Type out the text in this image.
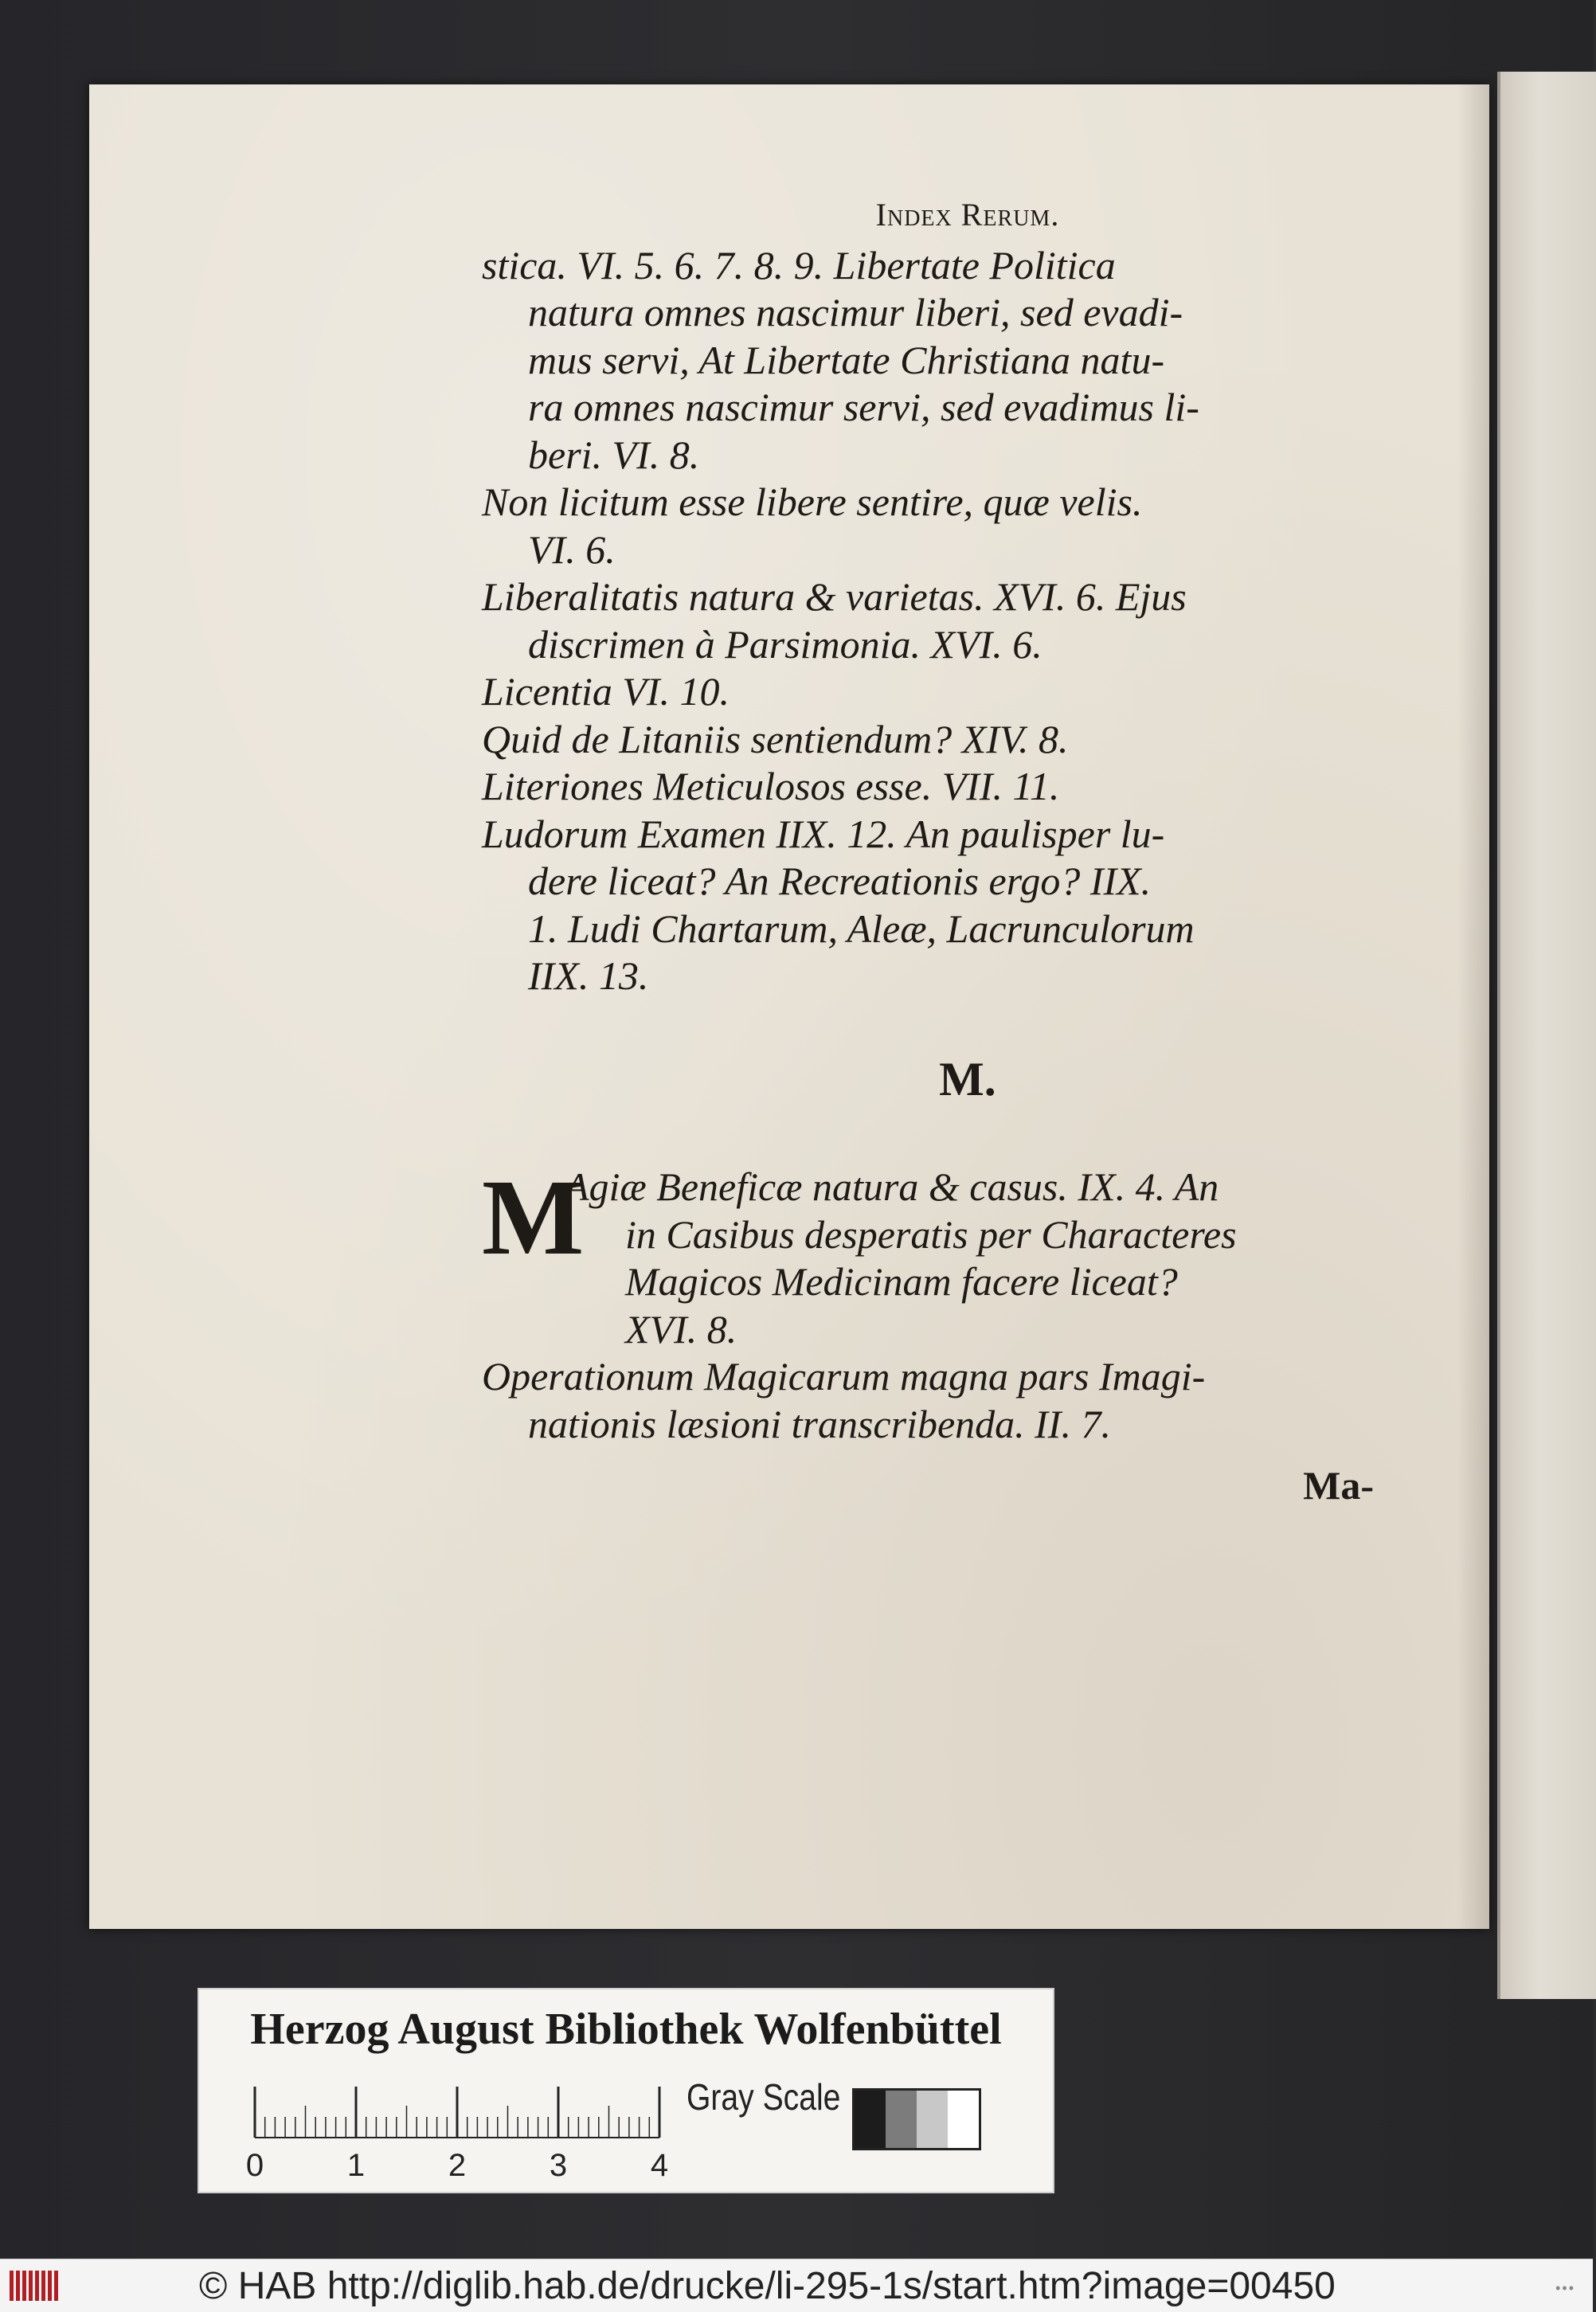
Index Rerum.
stica. VI. 5. 6. 7. 8. 9. Libertate Politica
natura omnes nascimur liberi, sed evadi-
mus servi, At Libertate Christiana natu-
ra omnes nascimur servi, sed evadimus li-
beri. VI. 8.
Non licitum esse libere sentire, quæ velis.
VI. 6.
Liberalitatis natura & varietas. XVI. 6. Ejus
discrimen à Parsimonia. XVI. 6.
Licentia VI. 10.
Quid de Litaniis sentiendum? XIV. 8.
Literiones Meticulosos esse. VII. 11.
Ludorum Examen IIX. 12. An paulisper lu-
dere liceat? An Recreationis ergo? IIX.
1. Ludi Chartarum, Aleæ, Lacrunculorum
IIX. 13.
M.
M
Agiæ Beneficæ natura & casus. IX. 4. An
in Casibus desperatis per Characteres
Magicos Medicinam facere liceat?
XVI. 8.
Operationum Magicarum magna pars Imagi-
nationis læsioni transcribenda. II. 7.
Ma-
Herzog August Bibliothek Wolfenbüttel
0	1	2	3	4
Gray Scale
© HAB http://diglib.hab.de/drucke/li-295-1s/start.htm?image=00450	•••
